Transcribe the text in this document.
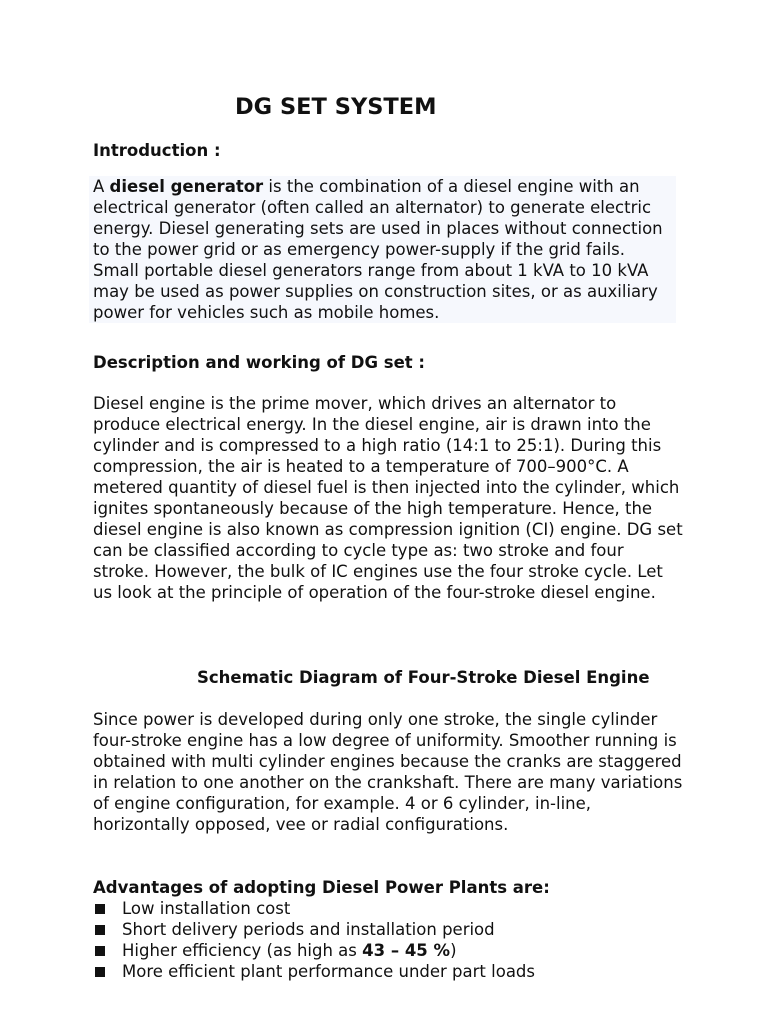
DG SET SYSTEM
Introduction :

A diesel generator is the combination of a diesel engine with an electrical generator (often called an alternator) to generate electric energy. Diesel generating sets are used in places without connection to the power grid or as emergency power-supply if the grid fails. Small portable diesel generators range from about 1 kVA to 10 kVA may be used as power supplies on construction sites, or as auxiliary power for vehicles such as mobile homes.

Description and working of DG set :

Diesel engine is the prime mover, which drives an alternator to produce electrical energy. In the diesel engine, air is drawn into the cylinder and is compressed to a high ratio (14:1 to 25:1). During this compression, the air is heated to a temperature of 700–900°C. A metered quantity of diesel fuel is then injected into the cylinder, which ignites spontaneously because of the high temperature. Hence, the diesel engine is also known as compression ignition (CI) engine. DG set can be classified according to cycle type as: two stroke and four stroke. However, the bulk of IC engines use the four stroke cycle. Let us look at the principle of operation of the four-stroke diesel engine.

Schematic Diagram of Four-Stroke Diesel Engine

Since power is developed during only one stroke, the single cylinder four-stroke engine has a low degree of uniformity. Smoother running is obtained with multi cylinder engines because the cranks are staggered in relation to one another on the crankshaft. There are many variations of engine configuration, for example. 4 or 6 cylinder, in-line, horizontally opposed, vee or radial configurations.

Advantages of adopting Diesel Power Plants are:
Low installation cost
Short delivery periods and installation period
Higher efficiency (as high as 43 – 45 %)
More efficient plant performance under part loads
